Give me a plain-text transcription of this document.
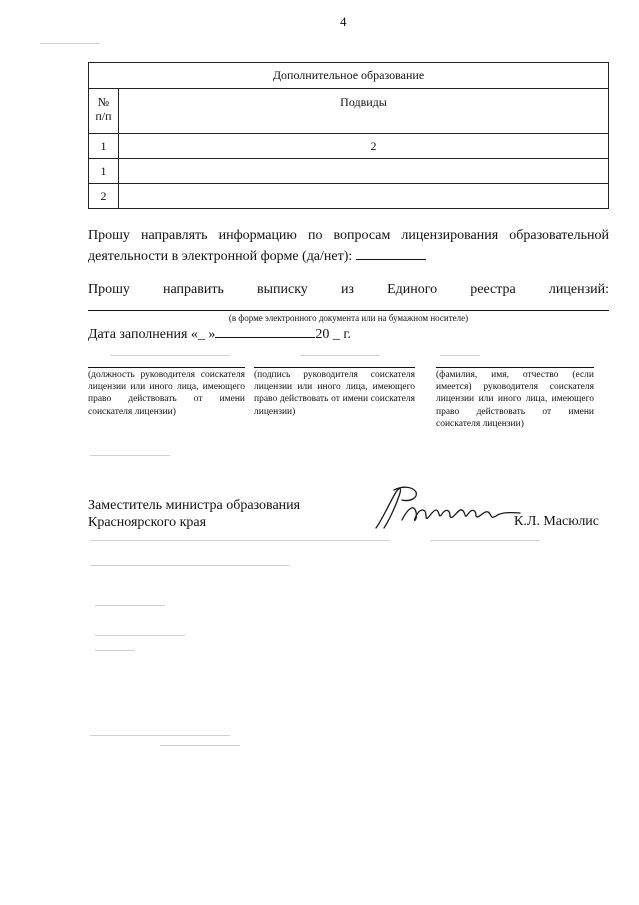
4
Дополнительное образование	
№ п/п	Подвиды
1	2
1	
2	
Прошу направлять информацию по вопросам лицензирования образовательной
деятельности в электронной форме (да/нет):
Прошу направить выписку из Единого реестра лицензий:
(в форме электронного документа или на бумажном носителе)
Дата заполнения «_ »	20 _ г.
(должность руководителя соискателя лицензии или иного лица, имеющего право действовать от имени соискателя лицензии)
(подпись руководителя соискателя лицензии или иного лица, имеющего право действовать от имени соискателя лицензии)
(фамилия, имя, отчество (если имеется) руководителя соискателя лицензии или иного лица, имеющего право действовать от имени соискателя лицензии)
Заместитель министра образования
Красноярского края	К.Л. Масюлис
